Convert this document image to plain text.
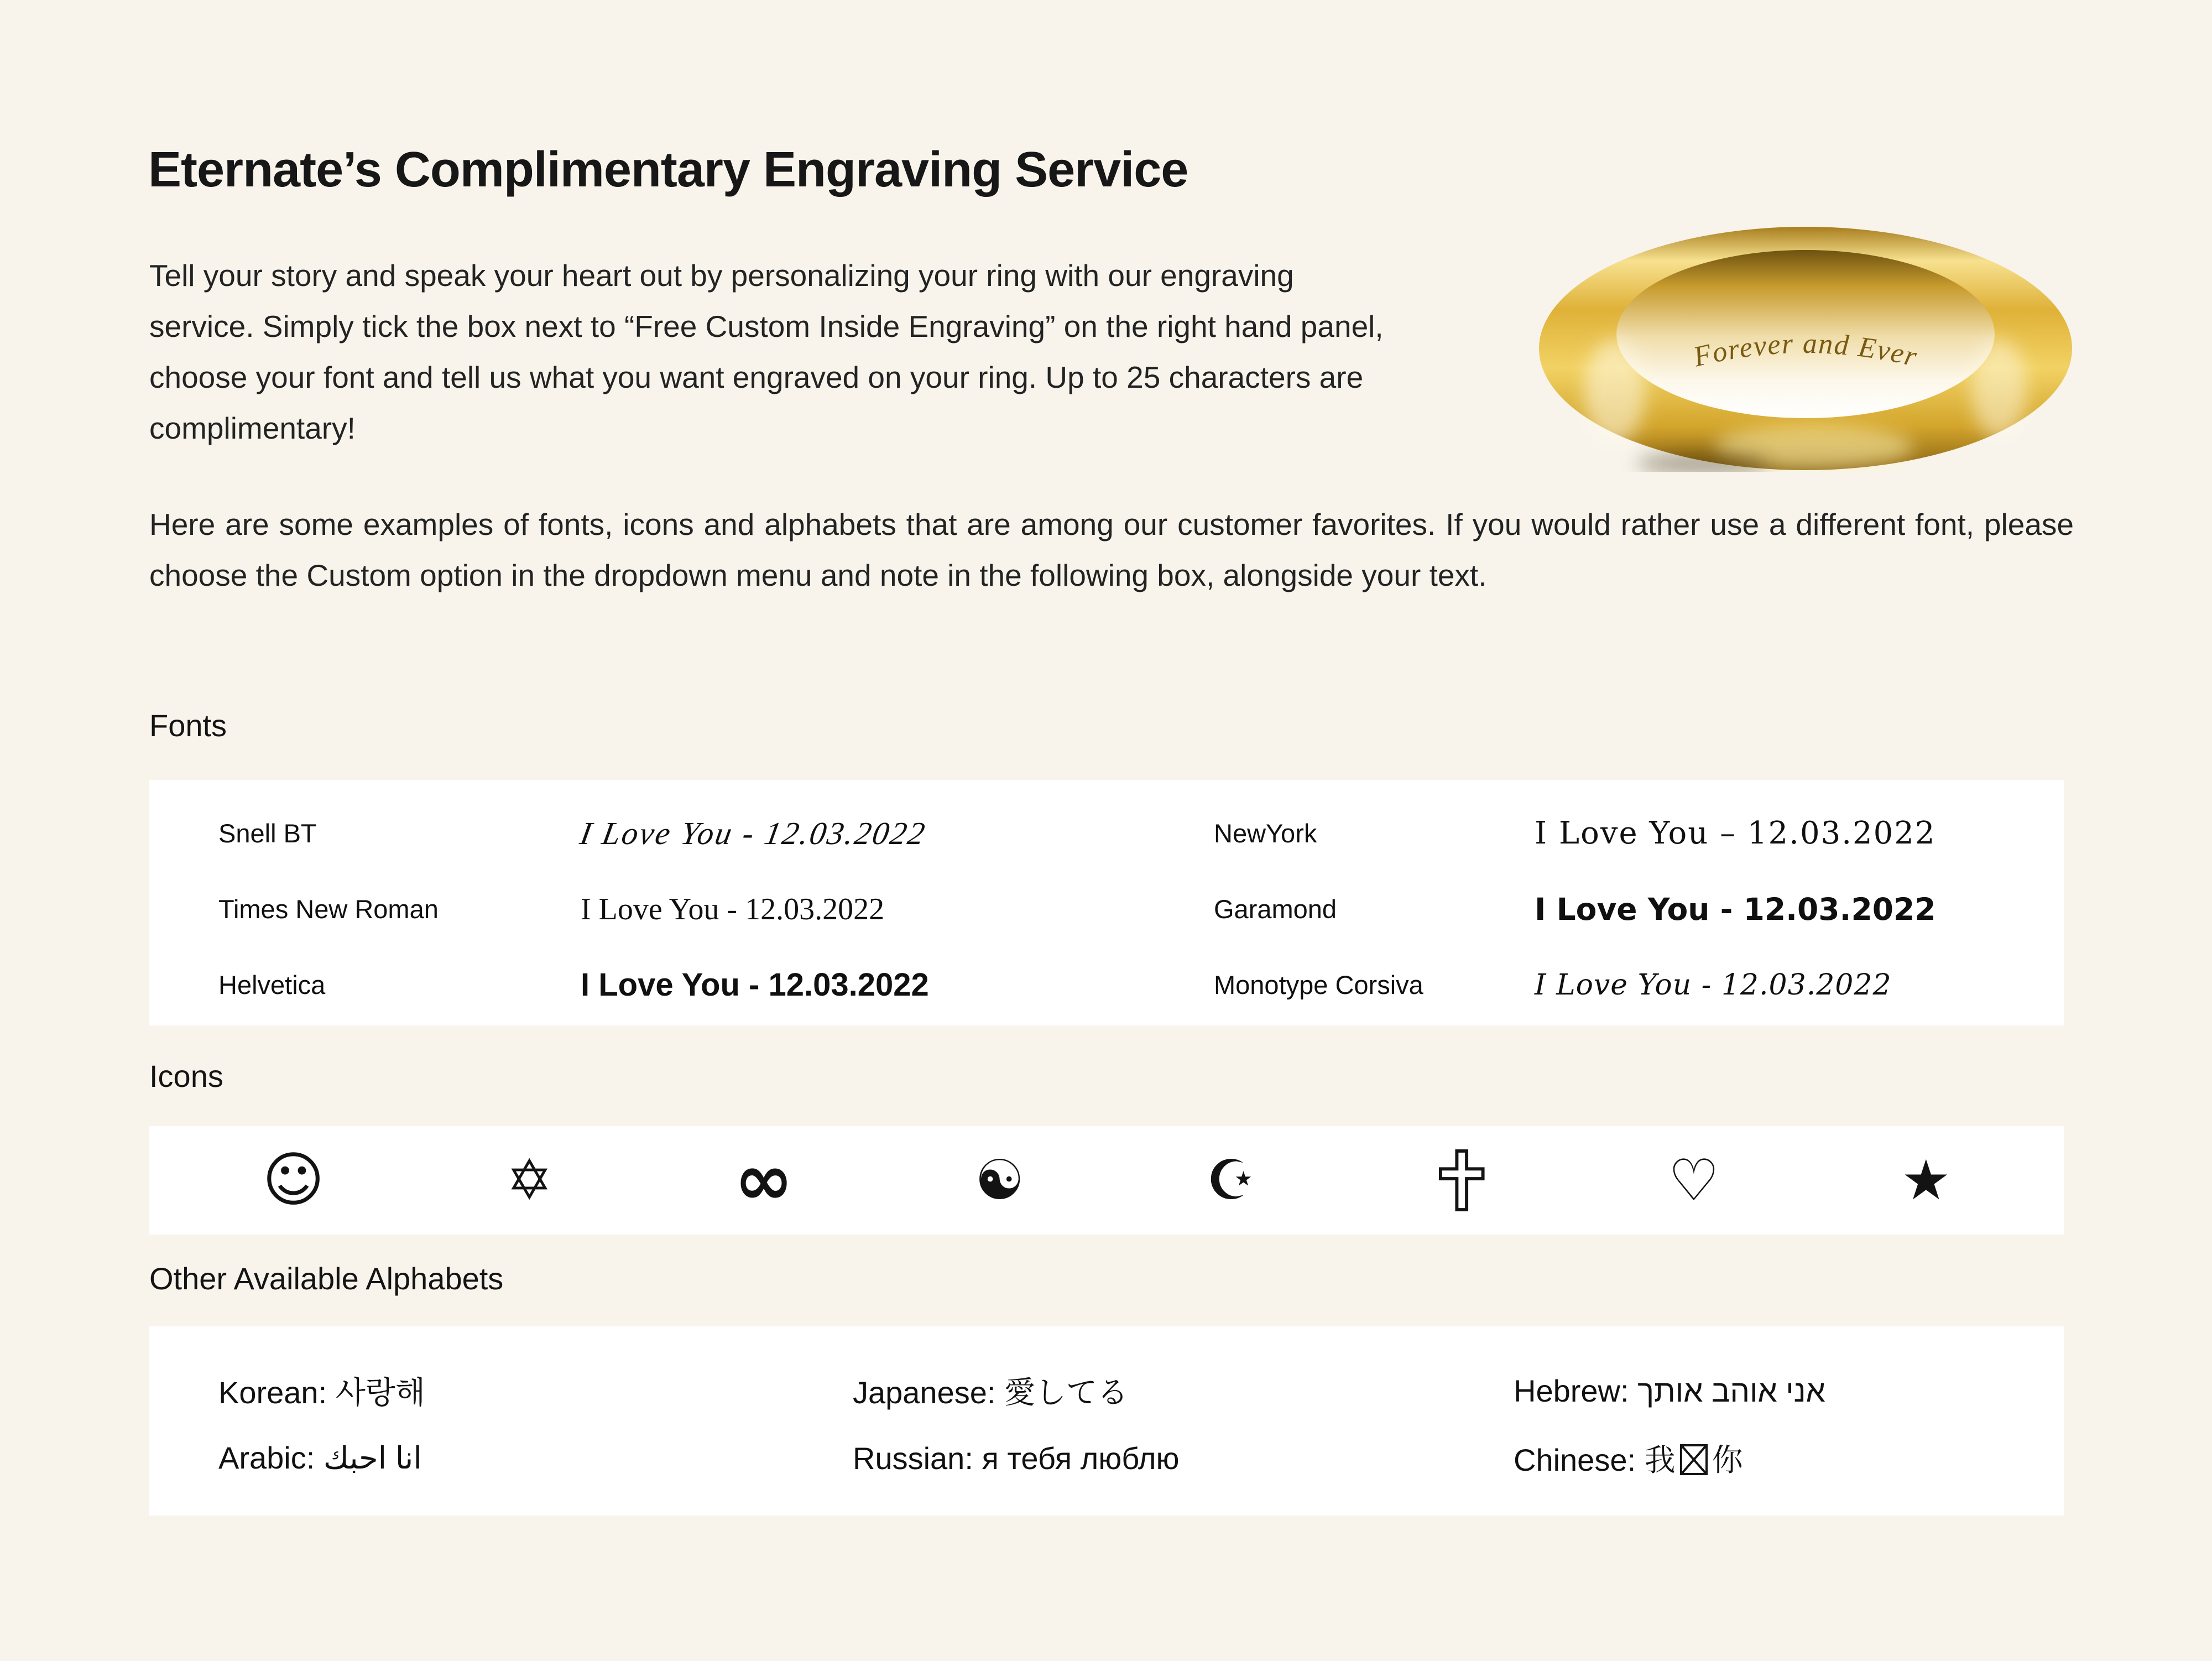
Eternate’s Complimentary Engraving Service

Tell your story and speak your heart out by personalizing your ring with our engraving service. Simply tick the box next to “Free Custom Inside Engraving” on the right hand panel, choose your font and tell us what you want engraved on your ring. Up to 25 characters are complimentary!

Forever and Ever

Here are some examples of fonts, icons and alphabets that are among our customer favorites. If you would rather use a different font, please choose the Custom option in the dropdown menu and note in the following box, alongside your text.

Fonts
Snell BT	I Love You - 12.03.2022	NewYork	I Love You – 12.03.2022
Times New Roman	I Love You - 12.03.2022	Garamond	I Love You - 12.03.2022
Helvetica	I Love You - 12.03.2022	Monotype Corsiva	I Love You - 12.03.2022
Icons
☺	✡	∞	☯	☪	♡	★
Other Available Alphabets
Korean: 사랑해	Japanese: 愛してる	Hebrew: אני אוהב אותך
Arabic: انا احبك	Russian: я тебя люблю	Chinese: 我 你
